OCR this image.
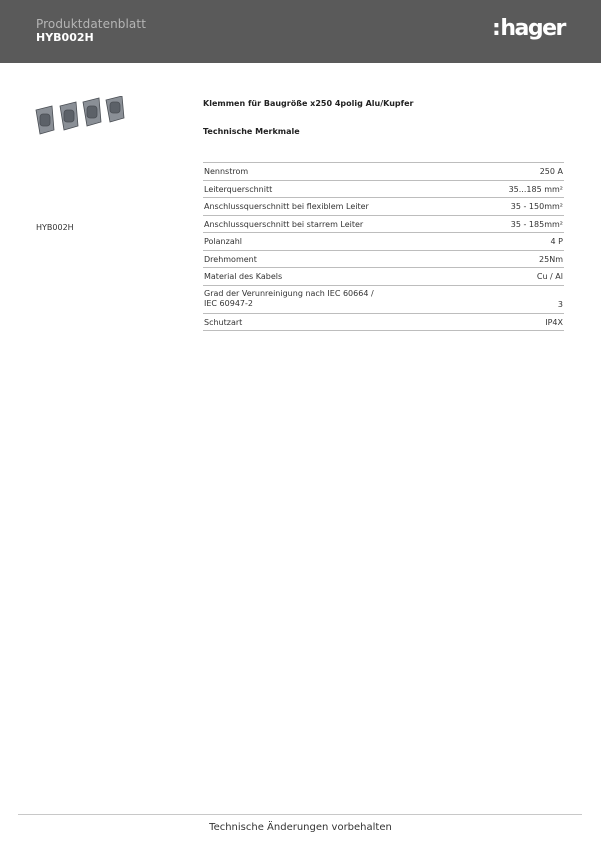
Produktdatenblatt
HYB002H	:hager
HYB002H
Klemmen für Baugröße x250 4polig Alu/Kupfer
Technische Merkmale
Nennstrom	250 A
Leiterquerschnitt	35...185 mm²
Anschlussquerschnitt bei flexiblem Leiter	35 - 150mm²
Anschlussquerschnitt bei starrem Leiter	35 - 185mm²
Polanzahl	4 P
Drehmoment	25Nm
Material des Kabels	Cu / Al
Grad der Verunreinigung nach IEC 60664 /
IEC 60947-2	3
Schutzart	IP4X
Technische Änderungen vorbehalten
